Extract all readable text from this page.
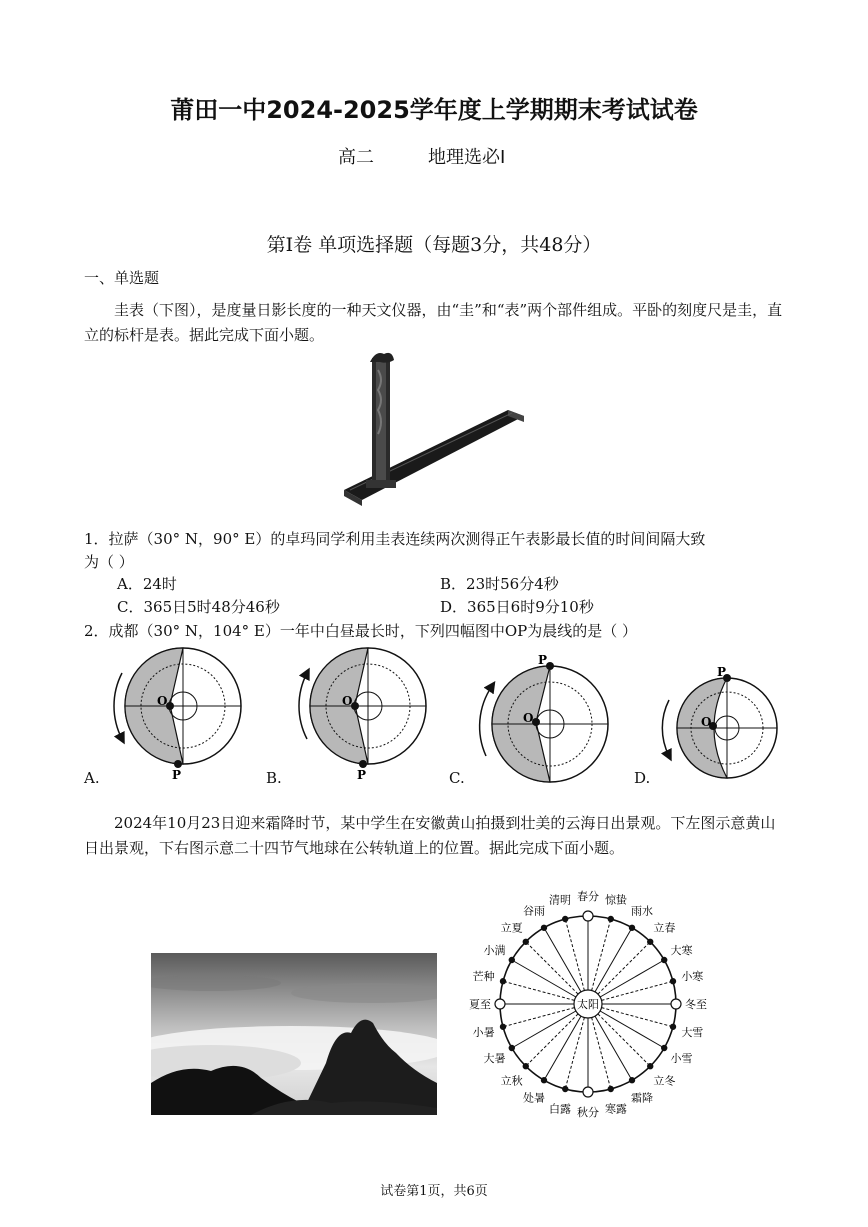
莆田一中2024-2025学年度上学期期末考试试卷
高二	地理选必Ⅰ
第Ⅰ卷 单项选择题（每题3分，共48分）
一、单选题
圭表（下图），是度量日影长度的一种天文仪器，由“圭”和“表”两个部件组成。平卧的刻度尺是圭，直立的标杆是表。据此完成下面小题。
1．拉萨（30° N，90° E）的卓玛同学利用圭表连续两次测得正午表影最长值的时间间隔大致
为（ ）
A．24时	B．23时56分4秒
C．365日5时48分46秒	D．365日6时9分10秒
2．成都（30° N，104° E）一年中白昼最长时，下列四幅图中OP为晨线的是（ ）
O
P
A.
O
P
B.
O
P
C.
O
P
D.
2024年10月23日迎来霜降时节，某中学生在安徽黄山拍摄到壮美的云海日出景观。下左图示意黄山日出景观，下右图示意二十四节气地球在公转轨道上的位置。据此完成下面小题。
太阳
春分 惊蛰
雨水
立春
大寒
小寒
冬至
大雪
小雪
立冬
霜降
寒露
秋分
白露
处暑
立秋
大暑
小暑
夏至
芒种
小满
立夏
谷雨
清明
试卷第1页，共6页
